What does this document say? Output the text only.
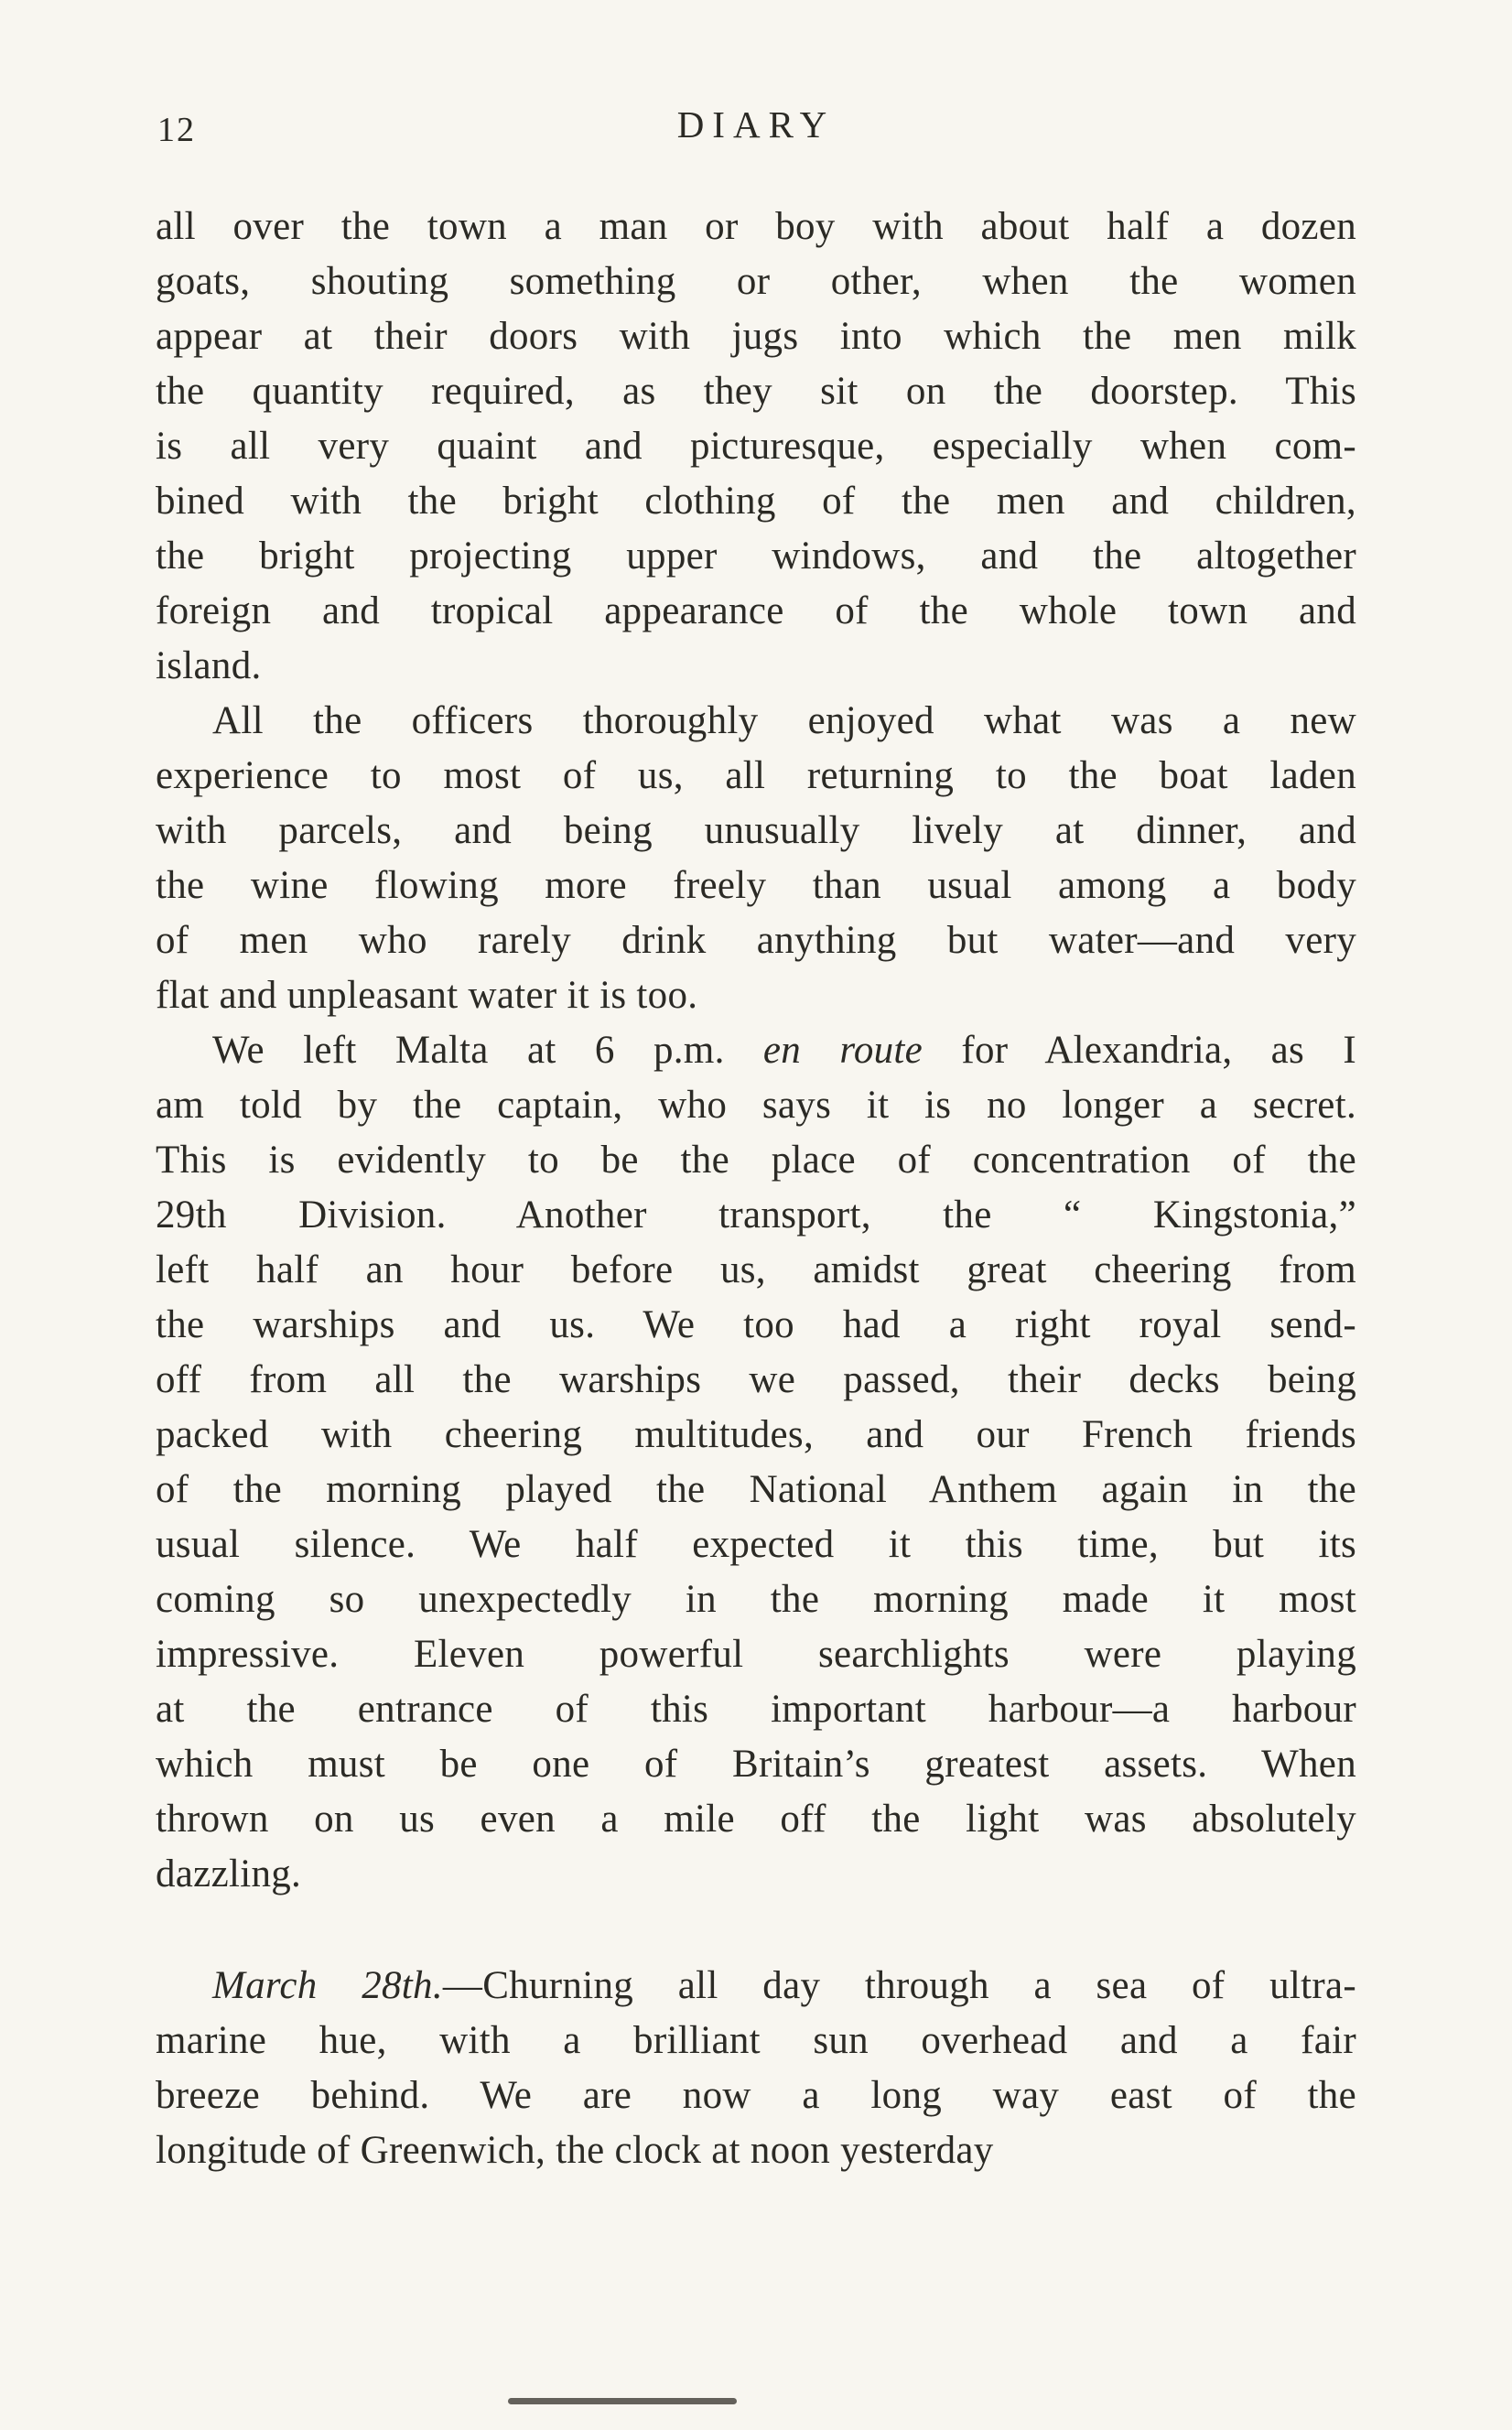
12	DIARY
all over the town a man or boy with about half a dozen
goats, shouting something or other, when the women
appear at their doors with jugs into which the men milk
the quantity required, as they sit on the doorstep. This
is all very quaint and picturesque, especially when com-
bined with the bright clothing of the men and children,
the bright projecting upper windows, and the altogether
foreign and tropical appearance of the whole town and
island.
All the officers thoroughly enjoyed what was a new
experience to most of us, all returning to the boat laden
with parcels, and being unusually lively at dinner, and
the wine flowing more freely than usual among a body
of men who rarely drink anything but water—and very
flat and unpleasant water it is too.
We left Malta at 6 p.m. en route for Alexandria, as I
am told by the captain, who says it is no longer a secret.
This is evidently to be the place of concentration of the
29th Division. Another transport, the “ Kingstonia,”
left half an hour before us, amidst great cheering from
the warships and us. We too had a right royal send-
off from all the warships we passed, their decks being
packed with cheering multitudes, and our French friends
of the morning played the National Anthem again in the
usual silence. We half expected it this time, but its
coming so unexpectedly in the morning made it most
impressive. Eleven powerful searchlights were playing
at the entrance of this important harbour—a harbour
which must be one of Britain’s greatest assets. When
thrown on us even a mile off the light was absolutely
dazzling.
March 28th.—Churning all day through a sea of ultra-
marine hue, with a brilliant sun overhead and a fair
breeze behind. We are now a long way east of the
longitude of Greenwich, the clock at noon yesterday
